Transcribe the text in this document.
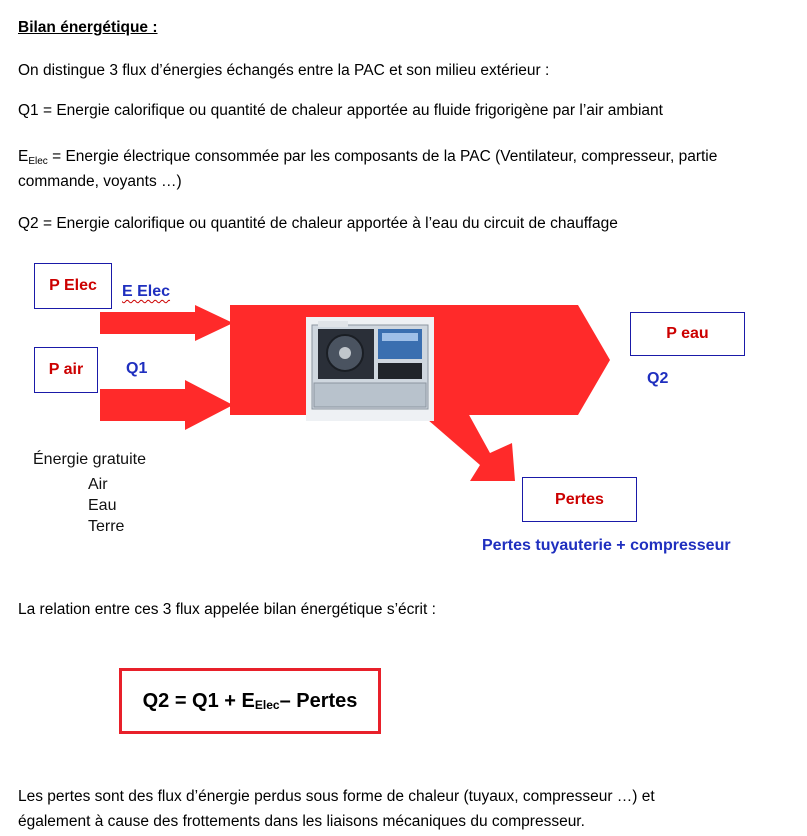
Bilan énergétique :
On distingue 3 flux d’énergies échangés entre la PAC et son milieu extérieur :
Q1 = Energie calorifique ou quantité de chaleur apportée au fluide frigorigène par l’air ambiant
EElec = Energie électrique consommée par les composants de la PAC (Ventilateur, compresseur, partie
commande, voyants …)
Q2 = Energie calorifique ou quantité de chaleur apportée à l’eau du circuit de chauffage
P Elec	E Elec
P air	Q1
P eau
Q2
Pertes
Pertes tuyauterie + compresseur
Énergie gratuite
Air
Eau
Terre
La relation entre ces 3 flux appelée bilan énergétique s’écrit :
Q2 = Q1 + E Elec – Pertes
Les pertes sont des flux d’énergie perdus sous forme de chaleur (tuyaux, compresseur …) et
également à cause des frottements dans les liaisons mécaniques du compresseur.
